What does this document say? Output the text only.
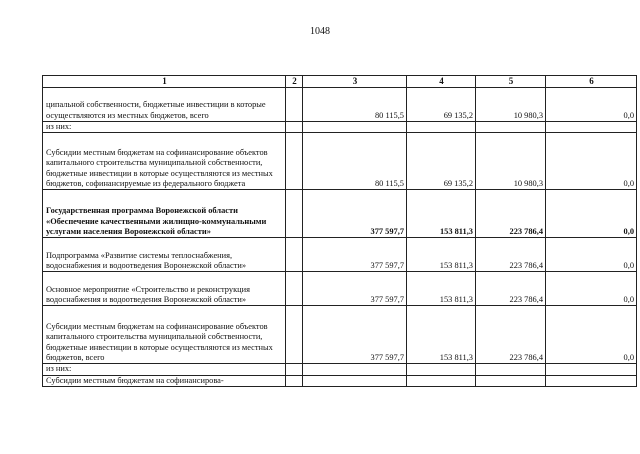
1048
1	2	3	4	5	6
ципальной собственности, бюджетные инвестиции в которые осуществляются из местных бюджетов, всего		80 115,5	69 135,2	10 980,3	0,0
из них:					
Субсидии местным бюджетам на софинансирование объектов капитального строительства муниципальной собственности, бюджетные инвестиции в которые осуществляются из местных бюджетов, софинансируемые из федерального бюджета		80 115,5	69 135,2	10 980,3	0,0
Государственная программа Воронежской области «Обеспечение качественными жилищно-коммунальными услугами населения Воронежской области»		377 597,7	153 811,3	223 786,4	0,0
Подпрограмма «Развитие системы теплоснабжения, водоснабжения и водоотведения Воронежской области»		377 597,7	153 811,3	223 786,4	0,0
Основное мероприятие «Строительство и реконструкция водоснабжения и водоотведения Воронежской области»		377 597,7	153 811,3	223 786,4	0,0
Субсидии местным бюджетам на софинансирование объектов капитального строительства муниципальной собственности, бюджетные инвестиции в которые осуществляются из местных бюджетов, всего		377 597,7	153 811,3	223 786,4	0,0
из них:					
Субсидии местным бюджетам на софинансирова-					
